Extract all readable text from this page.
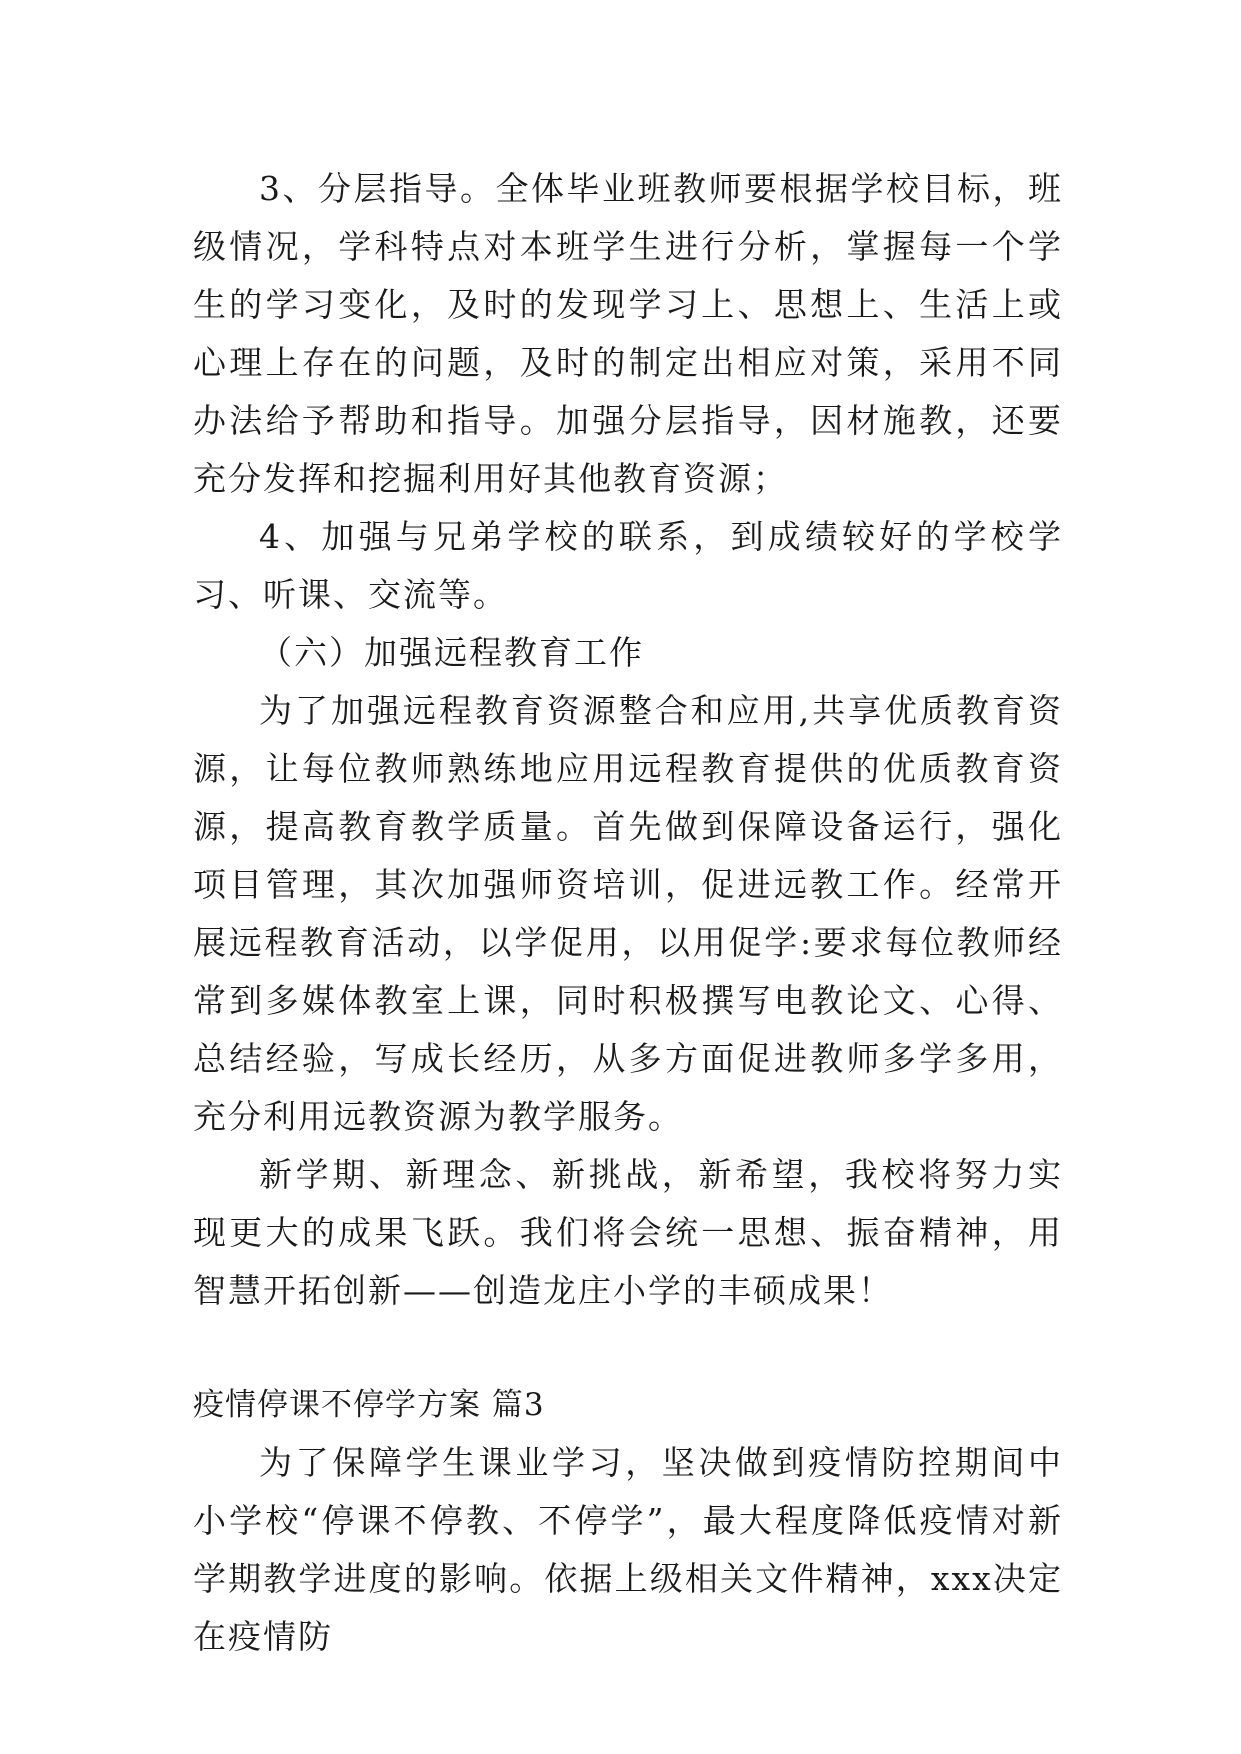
3、分层指导。全体毕业班教师要根据学校目标，班级情况，学科特点对本班学生进行分析，掌握每一个学生的学习变化，及时的发现学习上、思想上、生活上或心理上存在的问题，及时的制定出相应对策，采用不同办法给予帮助和指导。加强分层指导，因材施教，还要充分发挥和挖掘利用好其他教育资源；

4、加强与兄弟学校的联系，到成绩较好的学校学习、听课、交流等。

（六）加强远程教育工作

为了加强远程教育资源整合和应用,共享优质教育资源，让每位教师熟练地应用远程教育提供的优质教育资源，提高教育教学质量。首先做到保障设备运行，强化项目管理，其次加强师资培训，促进远教工作。经常开展远程教育活动，以学促用，以用促学:要求每位教师经常到多媒体教室上课，同时积极撰写电教论文、心得、总结经验，写成长经历，从多方面促进教师多学多用，充分利用远教资源为教学服务。

新学期、新理念、新挑战，新希望，我校将努力实现更大的成果飞跃。我们将会统一思想、振奋精神，用智慧开拓创新——创造龙庄小学的丰硕成果！

疫情停课不停学方案 篇3

为了保障学生课业学习，坚决做到疫情防控期间中小学校“停课不停教、不停学”，最大程度降低疫情对新学期教学进度的影响。依据上级相关文件精神，xxx决定在疫情防
